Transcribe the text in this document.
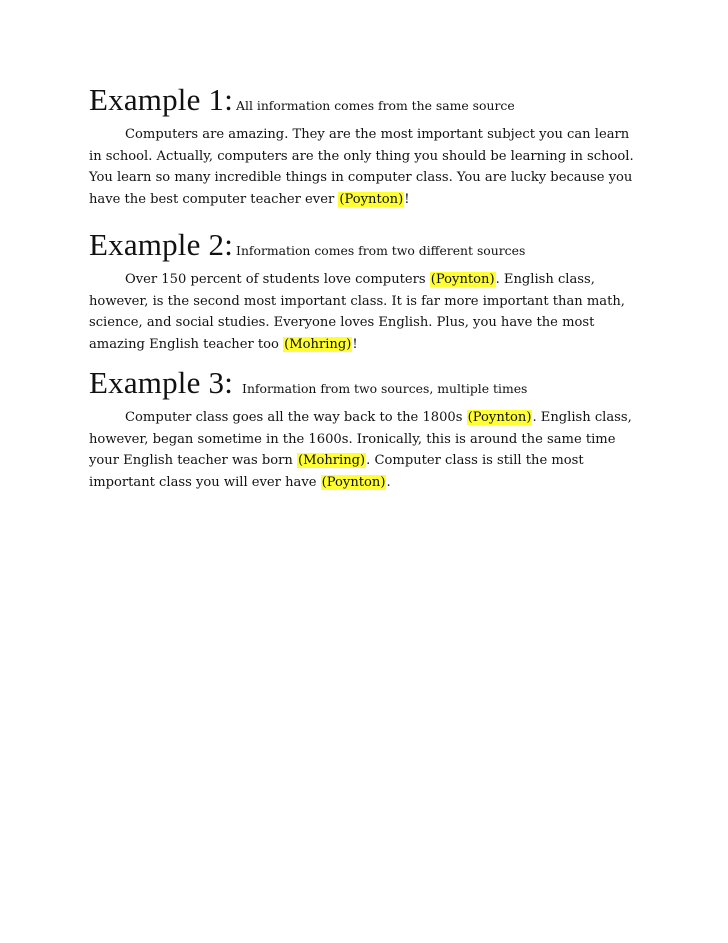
Example 1: All information comes from the same source
Computers are amazing. They are the most important subject you can learn
in school. Actually, computers are the only thing you should be learning in school.
You learn so many incredible things in computer class. You are lucky because you
have the best computer teacher ever (Poynton)!
Example 2: Information comes from two different sources
Over 150 percent of students love computers (Poynton). English class,
however, is the second most important class. It is far more important than math,
science, and social studies. Everyone loves English. Plus, you have the most
amazing English teacher too (Mohring)!
Example 3: Information from two sources, multiple times
Computer class goes all the way back to the 1800s (Poynton). English class,
however, began sometime in the 1600s. Ironically, this is around the same time
your English teacher was born (Mohring). Computer class is still the most
important class you will ever have (Poynton).
